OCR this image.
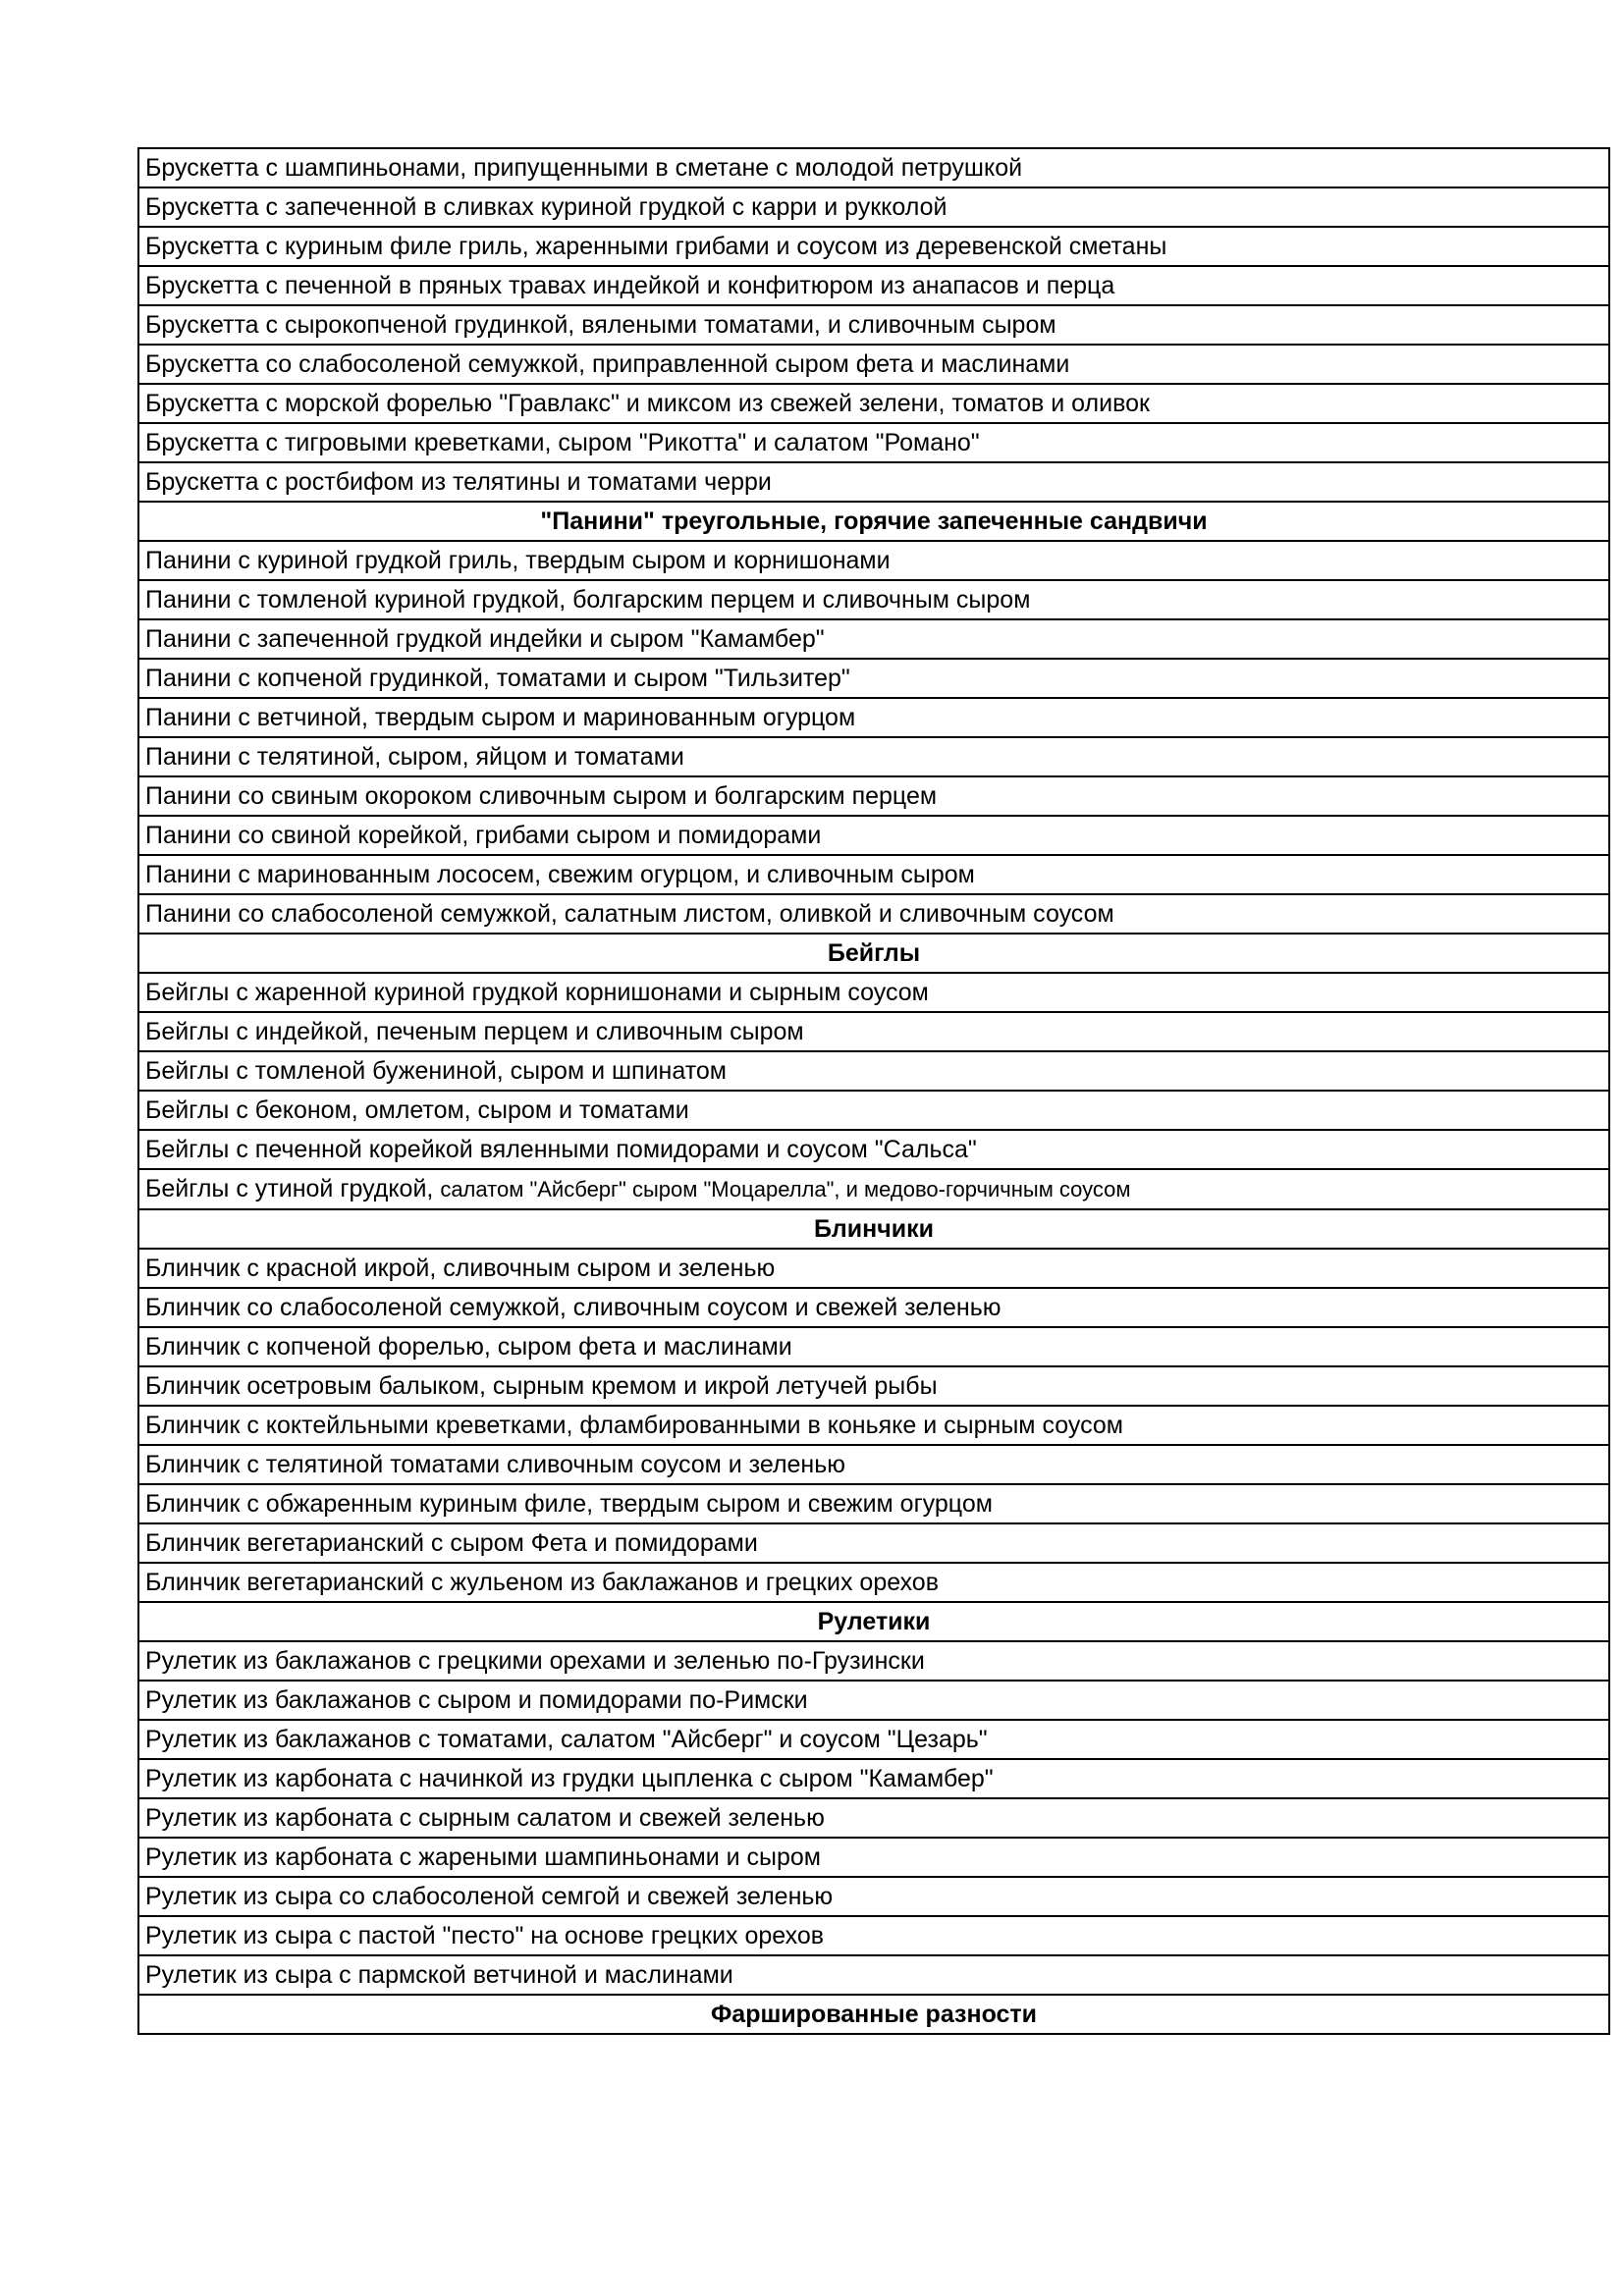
Брускетта с шампиньонами, припущенными в сметане с молодой петрушкой
Брускетта с запеченной в сливках куриной грудкой с карри и рукколой
Брускетта с куриным филе гриль, жаренными грибами и соусом из деревенской сметаны
Брускетта с печенной в пряных травах индейкой и конфитюром из анапасов и перца
Брускетта с сырокопченой грудинкой, вялеными томатами, и сливочным сыром
Брускетта со слабосоленой семужкой, приправленной сыром фета и маслинами
Брускетта с морской форелью "Гравлакс" и миксом из свежей зелени, томатов и оливок
Брускетта с тигровыми креветками, сыром "Рикотта" и салатом "Романо"
Брускетта с ростбифом из телятины и томатами черри
"Панини" треугольные, горячие запеченные сандвичи
Панини с куриной грудкой гриль, твердым сыром и корнишонами
Панини с томленой куриной грудкой, болгарским перцем и сливочным сыром
Панини с запеченной грудкой индейки и сыром "Камамбер"
Панини с копченой грудинкой, томатами и сыром "Тильзитер"
Панини с ветчиной, твердым сыром и маринованным огурцом
Панини с телятиной, сыром, яйцом и томатами
Панини со свиным окороком сливочным сыром и болгарским перцем
Панини со свиной корейкой, грибами сыром и помидорами
Панини с маринованным лососем, свежим огурцом, и сливочным сыром
Панини со слабосоленой семужкой, салатным листом, оливкой и сливочным соусом
Бейглы
Бейглы с жаренной куриной грудкой корнишонами и сырным соусом
Бейглы с индейкой, печеным перцем и сливочным сыром
Бейглы с томленой бужениной, сыром и шпинатом
Бейглы с беконом, омлетом, сыром и томатами
Бейглы с печенной корейкой вяленными помидорами и соусом "Сальса"
Бейглы с утиной грудкой, салатом "Айсберг" сыром "Моцарелла", и медово-горчичным соусом
Блинчики
Блинчик с красной икрой, сливочным сыром и зеленью
Блинчик со слабосоленой семужкой, сливочным соусом и свежей зеленью
Блинчик с копченой форелью, сыром фета и маслинами
Блинчик осетровым балыком, сырным кремом и икрой летучей рыбы
Блинчик с коктейльными креветками, фламбированными в коньяке и сырным соусом
Блинчик с телятиной томатами сливочным соусом и зеленью
Блинчик с обжаренным куриным филе, твердым сыром и свежим огурцом
Блинчик вегетарианский с сыром Фета и помидорами
Блинчик вегетарианский с жульеном из баклажанов и грецких орехов
Рулетики
Рулетик из баклажанов с грецкими орехами и зеленью по-Грузински
Рулетик из баклажанов с сыром и помидорами по-Римски
Рулетик из баклажанов с томатами, салатом "Айсберг" и соусом "Цезарь"
Рулетик из карбоната с начинкой из грудки цыпленка с сыром "Камамбер"
Рулетик из карбоната с сырным салатом и свежей зеленью
Рулетик из карбоната с жареными шампиньонами и сыром
Рулетик из сыра со слабосоленой семгой и свежей зеленью
Рулетик из сыра с пастой "песто" на основе грецких орехов
Рулетик из сыра с пармской ветчиной и маслинами
Фаршированные разности
